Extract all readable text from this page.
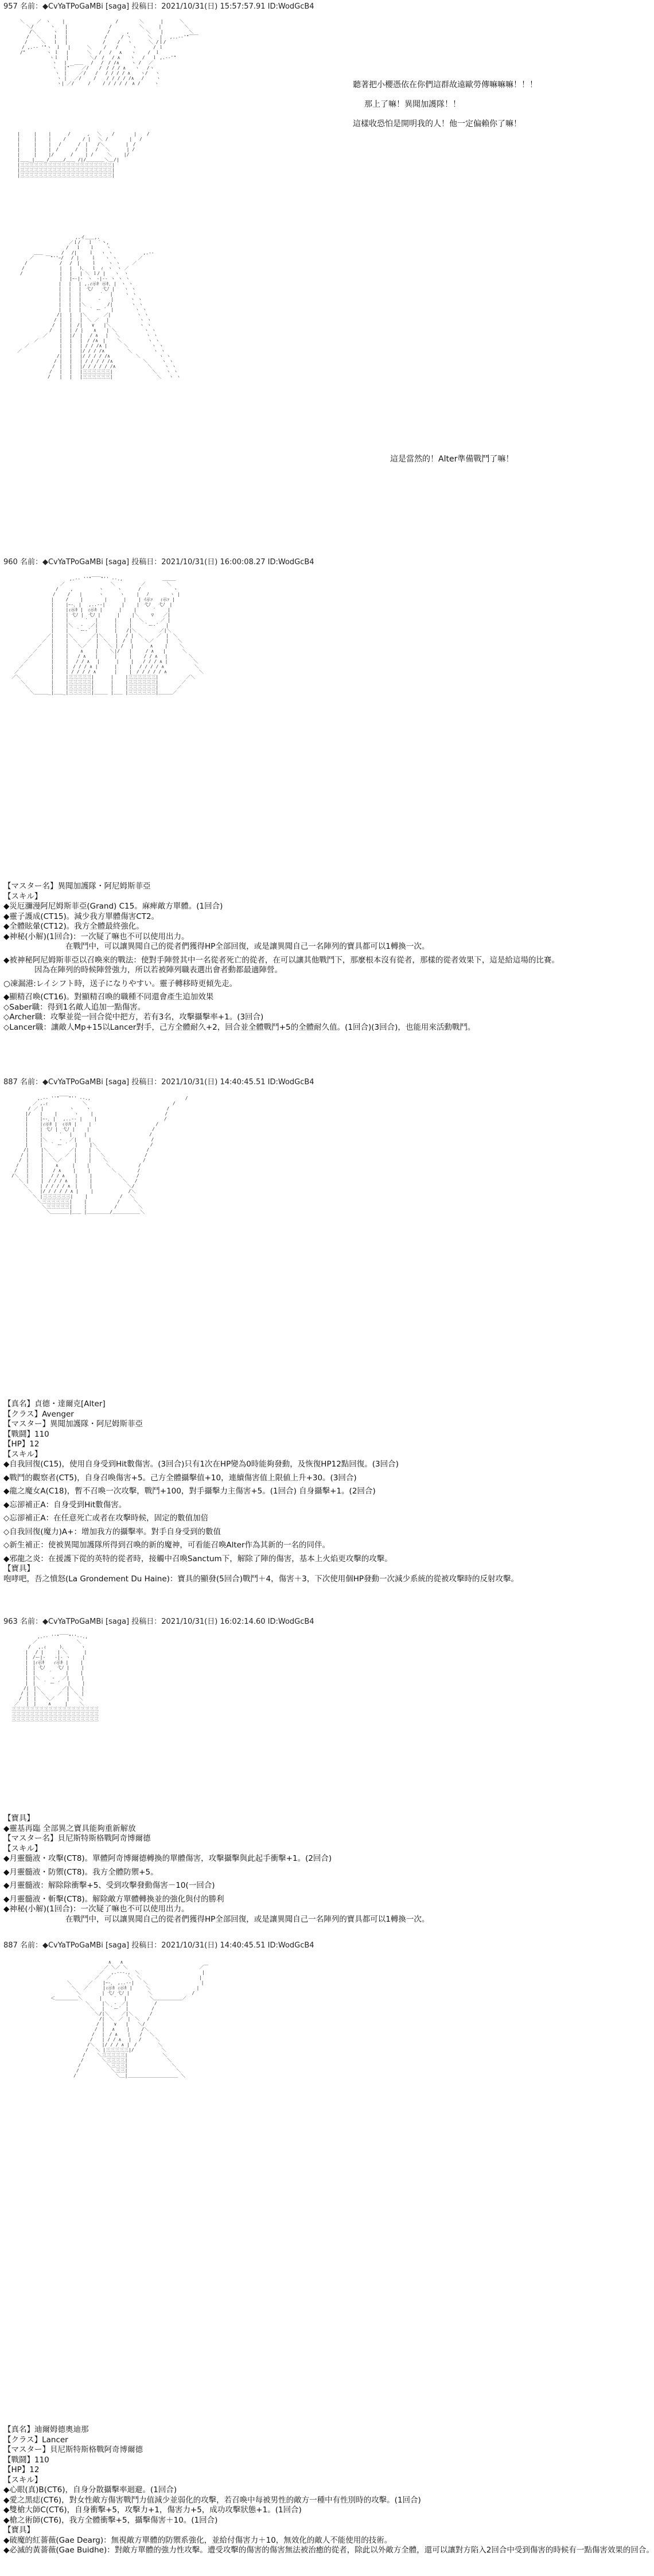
957 名前：◆CvYaTPoGaMBi [saga] 投稿日：2021/10/31(日) 15:57:57.91 ID:WodGcB4

＼　　 ／　ヽ　　 |　　　　 　 　 　 　 /　　　　 ＼　　　 |　　　 ＼
　　＼/ 　　　ヽ 　 |　　　　　　　　　/　　　　　　＼　 　 |　　　　　＼
　　 /＼　　　 ヽ　 |　　　　　　　　 /　　　 ,　　　 ＼ 　 |　　　　　 ＼
　　/　 ＼　　 ｌ 　|　　　　　　　　/　　　/ ヽ　　　 ＼　 |　 ,..-‐'"￣￣
　 /　　　＼　 ｌ 　|　　　　　　　 /　　 /　 ヽ　　 　＼ /ｌ/ 　　　　　
　/ ,.-‐ '"ヽ　ｌ 　|　　　 ＼　　 /　　/　　　ヽ　　　 / ｌ 　　　　　　
/"　　　　 ヽ ｌ　 |　　　　＼ 　/　 /　 ∧　　ヽ 　　/　ｌ　　　　　　
　　　　　　　ヽｌ　 |　　　　 ＼/　/　 / ∧ 　 ヽ　 /　 ｌ ,.-‐'"　　　
　　　　　　　 ヽ　 |　 ＿＿　 /　 /　/ /∧　　 ヽ /　 ／　　　　　　　
　 　　　　　　ヽ　 |"￣　 ／/ 　 /　/ / / ∧　　ヽ　 /ヽ　　　　　　　
　　　　　　 　 ヽ　|　　 ／/　　/ 　/ / / / ∧ 　 ヽ/　 ヽ　　　　　　
　　　　　　 　　ヽ |　 ／/　　 / 　 / / / / /∧　 /　　 ヽ　　　　　　
　　　　　　　　 ヽ| ／/　　　/ 　　/ / / / /　∧ /　　　ヽ　　　　　	聽著把小櫻憑依在你們這群故遠歐勞傳嘛嘛嘛！！！
那上了嘛！異聞加護隊！！
這樣收恐怕是開明我的人！他一定偏賴你了嘛！

|　　　|　 　|　　　 /　　　 ,　 ＼ 　 / 　　 　| 　 /
|　　　|　 　|　　 /　　　 / | 　＼ /　　　 　| 　/
|　　　|　 　|　 /　　　 /　|　　/＼　　　 　|　/
|　　　|　 　|　/　　　 /　 |　 /　 ＼　　 　| /
|　　　|　 　|/　　　 /　　 | /　　　＼　 　|/
|＿＿_|＿＿_/＿＿＿/＿＿ /|/＿＿＿＿＼＿/|
|三三三三三三三三三三三三三三三三三三三三|
|三三三三三三三三三三三三三三三三三三三三|
|三三三三三三三三三三三三三三三三三三三三|

　　　　　　　　　　　　 ,.イ＿＿,.
　　　　　　　　　 　 ／ｌ/　 ｌ　｀丶,
　　　　　　　　　　 /　 ｌ　　ｌ　　 ヽ
　　　 ＿＿　　　　/　 /|　　 ｌ　 ヽ ヽ　　　　　　 ,.-‐
　　 ／　　 ￣"''ｰ/ 　/ |　　 ｌ　　ヽ ヽ　　　　 ／
　 /　　　　　　　/ 　/　|　　 ｌ　　 ヽ ヽ　　 ／
　/　　　　　　　 |　 |　 ﾄ､ 　ｌ　ｨ　ヽ　ヽ ／
/　　　　　　　　|　 |　 | ＼ ｌ/ |　　ヽ　ヽ
　　　　　　　 　| 　|ｰ-|-　ヽ　-|-‐ ヽ ヽ ヽ
　　　　　　　　　| 　|　 | ,.ｨ示ｷ 示ｷ､ |　ヽ ヽ
　　　　　　　　　| 　|　 |　弋ﾉ　　弋ﾉ |　　ヽ ヽ
　　　　　　　　　| 　|　 |　　　　′　 |　　 ヽ ヽ
　　　　　　　　　| 　|　 |　　　 - 　 |　　　 ヽ ヽ
　　　　　　　　　| 　|　 |＼　　　　 /|　　　　ヽ ヽ
　　　　　　　　　|　 | 　| 　｀ ー ´　|　　　　 ヽ ヽ
　　　　　　　　 /|　 |　 |＼　　　 ／| 　　　　　ヽ ヽ
　　　　　　　　/ |　 |　 |　＼ ／ 　| 　　　　　　ヽ ヽ
　　　　　　　 /　|　 |　/|　　∨　　|＼ 　　　　　 ヽ ヽ
　　　　　　　/　 |　 | / | 　 ∧ 　 | ＼　　　　　　ヽ ヽ
　　　　　 ／　　 |　 |/　|　 / ∧　 |　 ＼　　　　　 ヽ ヽ
　　　 ／ 　　　　|　 |　 |　/ /∧　|　　 ＼　　　　　 ヽ ヽ
　 ／　　　　　　 |　 |　 | / / /∧ |　　　 ＼　　　　　ヽ ヽ
／ 　　　　　　　 |　 |　 |/ / / /∧　　　　　＼　　　　 ヽ ヽ
　　　　　　　　 /|　 |　 |/ / / / /∧　　　　　 ＼　　　　ヽ ヽ
　　　　　　　　/ |　 | 　| / / / / /∧　　　　　　 ＼　　　ヽ ヽ
　　　　　　　 /　|　 | 　|/ / / / / /∧　　　　　　　＼　　 ヽ ヽ
　　　　　　　/　 |　 |　 |三三三三三三|　　　　　　　　 ＼　　ヽ ヽ
　　　　　　 /　　|　 |　 |三三三三三三|　　　　　　　　　 ＼　 ヽ ヽ

這是當然的！Alter準備戰鬥了嘛！
960 名前：◆CvYaTPoGaMBi [saga] 投稿日：2021/10/31(日) 16:00:08.27 ID:WodGcB4

　　　　　　　　　　　　 ,.-‐ ''"￣￣"'' ‐-.,　　　　　　　　 ＿＿＿
　　　　　　　　　　 ／　　　　　　　　　　＼　　　　　 ／　　　　 ＼
　　　　　　　　　 /　　 ,　　　　　 ヽ　　　ヽ　　　 /　　　　　　　ヽ
　　　　　　　　　/　　 /　　|　　　 ヽ　　 　ヽ　　 |　 ﾉ　　　　 ヽ |
　　　　　　　　 |　　 /　　 |　　　　 |　　　 |　　 | ｲ示ｧ　 ｨ示ｧ |
　　　　　　　　 |　　 |ｰ-､ |　 ,..-‐|　　　 |　　 |　弋ﾉ　 弋ﾉ　|
　　　　　　　　 |　　 |ｨ示ｷ |　ｨ示ｷ |　　　 |　　 |　　　 ′　　 |
　　　　　　　　 |　　 | 弋ﾉ |　弋ﾉ |　　　 |　　 |＼　　 ▽　　／|
　　　　　　　　 |　　 |　　　 ′　 |　　　 |　　 |　 ＼　　　 ／ |
　　　　　　　　 |　　 |＼　 ‐ 　／|　　　 |　　 |　　 ｀ー‐´　 |
　　　　　　　　 |　　 |　 ｀ー‐´　|　　　 |　　/|＼　　　　　／|＼
　　　　　　　 ／|　　 |＼　　　　／|＼　　 |　 / |　＼　　　／　|　＼
　　　　　　 ／　|　　 |　＼　　／　|　＼　 |　/　|　　 ＼／　　 |　　＼
　　　　　 ／　　|　　 |　　＼／　　|　　＼ | /　 |　　　 ∧　　 |　　 ＼
　　　　 ／　　　|　　 |　　 ∧　　 |　　 ＼|/　　|　　　/ ∧　　|　　　 ＼
　　　 ／　　　　|　　 |　　/ ∧　　|　　　 |　　 |　　 / / ∧ 　|　　　　 ＼
　　 ／　　　　　|　　 |　 / / ∧ 　|　　　 |　　 |　　/ / / ∧ |　　　　　 ＼
　 ／　　　　　　|　　 |　/ / / ∧ |　　　 |　　 |　 / / / / ∧　　　　　　 ＼
／　　　　　　　|　　 | / / / / ∧　　　　|　　 |　/ / / / / ∧　　　　　　　＼
／＼　　　　　　 |　　 |三三三三三|　　　 |　　 |三三三三三三|　　　　　　／＼
　　＼　　　　　 |　　 |三三三三三|　　　 |　　 |三三三三三三|　　　　　／
　　　＼　　　　 |　　 |三三三三三|　　　 |　　 |三三三三三三|　　　　／
　　　　＼＿＿＿_|＿＿_|三三三三三|＿＿＿ |＿＿ |三三三三三三|＿＿＿／

【マスター名】異聞加護隊・阿尼姆斯菲亞
【スキル】
◆災厄瀰漫阿尼姆斯菲亞(Grand) C15。麻痺敵方單體。(1回合)
◆靈子護成(CT15)。減少我方單體傷害CT2。
◆全體眩暈(CT12)。我方全體最終強化。
◆神秘(小解)(1回合)：一次疑了嘛也不可以使用出力。
　　　　　　　　在戰鬥中，可以讓異聞自己的從者們獲得HP全部回復，或是讓異聞自己一名陣列的寶具都可以1轉換一次。
◆被神秘阿尼姆斯菲亞以召喚來的戰法：使對手陣營其中一名從者死亡的從者，在可以讓其他戰鬥下，那麼根本沒有從者，那樣的從者效果下，這是給這場的比賽。
　　　　因為在陣列的時候陣營強力，所以若被陣列職表選出會者動都最適陣營。
○凍漏港:レイシフト時，送子になりやすい。靈子轉移時更傾先走。
◆顯精召喚(CT16)。對顯精召喚的職種不同還會產生追加效果
◇Saber職：得到1名敵人追加一點傷害。
◇Archer職：攻擊並從一回合從中把方，若有3名，攻擊攝擊率+1。(3回合)
◇Lancer職：讓敵人Mp+15以Lancer對手，己方全體耐久+2，回合並全體戰鬥+5的全體耐久值。(1回合)(3回合)，也能用來活動戰鬥。
887 名前：◆CvYaTPoGaMBi [saga] 投稿日：2021/10/31(日) 14:40:45.51 ID:WodGcB4

　　　　　 ,.-‐ ''"￣￣"'' ‐-.,　　　　　　　　　　　　　　　　　　　　 /
　　　　 ／ ,.ｨ　　　　　　　 ＼　　　　　　　　　　　　　　　　　　 /
　　　 / ／ |　　　　　 ヽ　　 ヽ　　　　　　　　　　　　　　　　 /
　　　|/　　|　　 |　　　 ヽ　　 |　　　　　　　　　　　　　　　 /
　　　|　　 |ｰ-､ |　 ,..-‐ |　　 |　　　　　　　　　　　　　　 /
　　　|　　 |ｨ示ｷ |　ｨ示ｷ |　　 |　　　　　　　　　　　　　　/
　　　|　　 | 弋ﾉ |　弋ﾉ |　　 |　　　　　　　　　　　　　 /
　　　|　　 |　　　 ′　 |　　 |　　　　　　　　　　　　　 /
　　　|　　 |＼　　 -　 ／|　　 |　　　　　　　　　　　　　/
　　　|　　 |　 ｀ ー ´　 |　　 |＼　　　　　　　　　　　 /
　　 /|　　 |＼　　　　 ／|　　 |　＼　　　　　　　　　　/
　　/ |　　 |　＼　　 ／　|　　 |　　＼　　　　　　　　 /
　 /　|　　 |　　＼／　　 |　　 |　　 ＼　　　　　　　 /
　/　 |　　 |　　 ∧　　　|　　 |　　　 ＼　　　　　　/
/　　|　　 |　　/ ∧　　 |　　 |　　　　 ＼　　　　 /
/＼　 |　　 |　 / / ∧ 　 |　　 |　　　　　 ＼　　　/
　 ＼ |　　 |　/ / / ∧　 |　　 |　　　　　　 ＼　 /
　　 ＼　　 | / / / / ∧　|　　 |　　　　　　　 ＼/
　　　 ＼　 |/ / / / / ∧ |　　 |　　　　　　　 /＼
　　　　 ＼ |三三三三三三|　　 |　　　　　　　/　 ＼
　　　　　 ＼三三三三三三|　　 |　　　　　　 /　　　＼
　　　　　　 ＼三三三三三|　　 |　　　　　　/　　　　 ＼
　　　　　　　 ＼＿＿＿＿|＿＿ |＿＿＿＿＿/＿＿＿＿＿＿＼

【真名】貞德・達爾克[Alter]
【クラス】Avenger
【マスター】異聞加護隊・阿尼姆斯菲亞
【戰鬪】110
【HP】12
【スキル】
◆自我回復(C15)，使用自身受到Hit數傷害。(3回合)只有1次在HP變為0時能夠發動，及恢復HP12點回復。(3回合)
◆戰鬥的觀察者(CT5)，自身召喚傷害+5。己方全體攝擊值+10，連續傷害值上限値上升+30。(3回合)
◆龍之魔女A(C18)，暫不召喚一次攻擊，戰鬥+100，對手攝擊力主傷害+5。(1回合) 自身攝擊+1。(2回合)
◆忘卻補正A：自身受到Hit數傷害。
◇忘卻補正A：在任意死亡或者在攻擊時候，固定的數值加倍
◇自我回復(魔力)A+：增加我方的攝擊率。對手自身受到的數值
◇新生補正：使被異聞加護隊所得到召喚的新的魔神，可看能召喚Alter作為其新的一名的同伴。
◆邪龍之炎：在援護下從的英特的從者時，接觸中召喚Sanctum下，解除了陣的傷害，基本上火焰更攻擊的攻擊。
【寶具】
咆哮吧，吾之憤怒(La Grondement Du Haine)：寶具的顯發(5回合)戰鬥＋4，傷害＋3，下次使用個HP發動一次減少系統的從被攻擊時的反射攻擊。
963 名前：◆CvYaTPoGaMBi [saga] 投稿日：2021/10/31(日) 16:02:14.60 ID:WodGcB4

　　　　　 ,.-‐ ''"￣￣"''‐-.,
　　　　 ／　　　　　　　　 ＼
　　　 /　 ,.ｨ　　　ﾄ､　　　 ヽ
　　　|　 / |　　　| ＼　　　 |
　　　|　/ー|-　　-|- ヽ　　 |
　　　|　|ｨ示ｷ　　ｨ示ｷ |　　 |
　　　|　| 弋ﾉ　　 弋ﾉ |　　 |
　　　|　|　　　′　　　|　　 |
　　　|　|＼　　 -　 ／|　　 |
　　　|　|　 ｀ ー ´　 |　　 |
　　 /|　|＼　　　　 ／|＼　 |
　　/ |　|　＼　　 ／　|　＼ |
　 /　|　|　　＼／　　 |　　＼
／ 　|　|　　 ∧　　　|　　 ＼
三三三三三三三三三三三三三三三三三三三
三三三三三三三三三三三三三三三三三三三
三三三三三三三三三三三三三三三三三三三

【寶具】
◆靈基再臨 全部異之寶具能夠重新解放
【マスター名】貝尼斯特斯格戰阿奇博爾德
【スキル】
◆月靈髓液・攻擊(CT8)。單體阿奇博爾德轉換的單體傷害，攻擊攝擊與此起手衝擊+1。(2回合)
◆月靈髓液・防禦(CT8)。我方全體防禦+5。
◆月靈髓液：解除除衝擊+5、受到攻擊發動傷害－10(一回合)
◆月靈髓液・斬擊(CT8)。解除敵方單體轉換並的強化與付的勝利
◆神秘(小解)(1回合)：一次疑了嘛也不可以使用出力。
　　　　　　　　在戰鬥中，可以讓異聞自己的從者們獲得HP全部回復，或是讓異聞自己一名陣列的寶具都可以1轉換一次。
887 名前：◆CvYaTPoGaMBi [saga] 投稿日：2021/10/31(日) 14:40:45.51 ID:WodGcB4

　　　　　　　　　　　　　 ∧　　∧
　　　　　　　　　　　　 ／ ＼／ ＼　　　　　　　　　　　　　　　 ／￣
　　　　　　　　　　　 ／　 ,.-‐-.,　＼　　　　　　　　　　　　　 |
　　　　　　　　　　 ／　 ／　　　 ＼　＼　　　　　　　　　　　　 |
　　　　 ＼　　　 ／ 　 |ｰ-､　,..-‐|　　＼　　　　　　　　　　　 |
　　　　　 ＼　 ／ 　　 |ｨ示ｷ ｨ示ｷ |　　　＼　　　　　　　　　　|
　　　　　　 ＼　　　　 | 弋ﾉ 弋ﾉ |　　　　＼　　　　　　　　 /
　＜＿＿＿＿＿＼　　　 |　　 ′　 |　　　　　＼＿＿＿＿＿＿／
　　　　　　　　 ＼　　 |＼　-　／|　　　　　 /
　　　　　　　　　 ＼　 |　｀ー´　|　　　　　/
　　　　　　　　　　 ＼/|＼　　 ／|＼　　　 /
　　　　　　　　　　　 /|　＼　／　|　＼　 /
　　　　　　　　　　　/ |　　∨　　|　　＼/
　　　　　　　　　　 /　|　 ∧　　 |　　 /＼
　　　　　　　　　　/　 |　/ ∧ 　 |　　/　 ＼
　　　　　　　　　 /　　| / / ∧　 |　 /　　　＼
　　　　　　　　　/＼　 |/ / / ∧ |　/　　　　 ＼
　　　　　　　　 /　 ＼ |三三三三三|/　　　　　　＼
　　　　　　　　/　　 ＼三三三三三|　　　　　　　 ＼
　　　　　　　 /　　　　＼三三三三|　　　　　　　　 ＼
　　　　　　　/　　　　　 ＼三三三|　　　　　　　　　 ＼
　　　　　　 /　　　　　　　＼三三|　　　　　　　　　　 ＼
　　　　　　/　　　　　　　　 ＼＿|＿＿＿＿＿＿＿＿＿＿＿ ＼

【真名】迪爾姆德奧迪那
【クラス】Lancer
【マスター】貝尼斯特斯格戰阿奇博爾德
【戰鬪】110
【HP】12
【スキル】
◆心眼(真)B(CT6)，自身分散攝擊率迴避。(1回合)
◆愛之黑痣(CT6)，對女性敵方傷害戰鬥力值減少並弱化的攻擊，若召喚中每被男性的敵方一種中有性別時的攻擊。(1回合)
◆雙槍大師C(CT6)，自身衝擊+5，攻擊力+1，傷害力+5，成功攻擊狀態+1。(1回合)
◆槍之術師(CT6)，我方全體衝擊+5，攝擊傷害＋10。(1回合)
【寶具】
◆破魔的紅薔薇(Gae Dearg)：無視敵方單體的防禦系強化，並給付傷害力＋10，無效化的敵人不能使用的技術。
◆必滅的黃薔薇(Gae Buidhe)：對敵方單體的強力性攻擊。遭受攻擊的傷害的傷害無法被治癒的從者，除此以外敵方全體，還可以讓對方陷入2回合中受到傷害的時候有一點傷害效果的回合。
